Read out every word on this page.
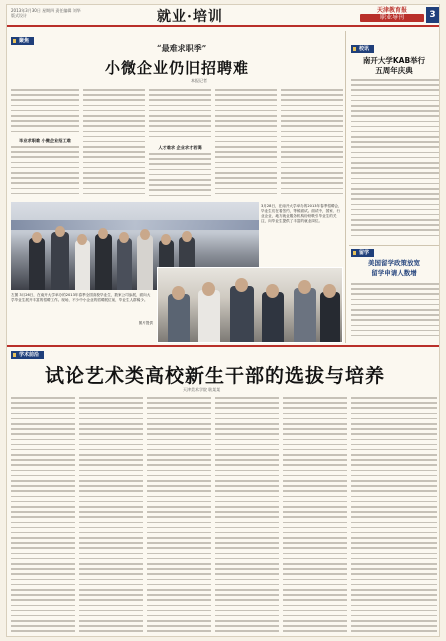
2013年3月30日 星期四 责任编辑 刘华 版式设计	就业·培训	天津教育报
职业导刊	3
聚焦
“最难求职季”
小微企业仍旧招聘难
本报记者
毕业求职难 小微企业招工难
人才难求 企业求才若渴
3月28日，在南开大学举办的2013年春季招聘会，毕业生们在看签约，等候面试。面试中，国家、行业企业，地方就业服务机构纷纷吸引毕业生的关注，向毕业生提供了丰富的就业岗位。
左图 3月26日，在南开大学举办的2013年春季全国高校毕业生，数家公司参展，面向大学毕业生展开丰富的招聘工作。现场，不少中小企业的招聘展位前，毕业生人群稀少。
图片提供
校讯
南开大学KAB举行
五周年庆典
留学
美国留学政策放宽
留学申请人数增
学术前沿
试论艺术类高校新生干部的选拔与培养
天津美术学院 耿某某
